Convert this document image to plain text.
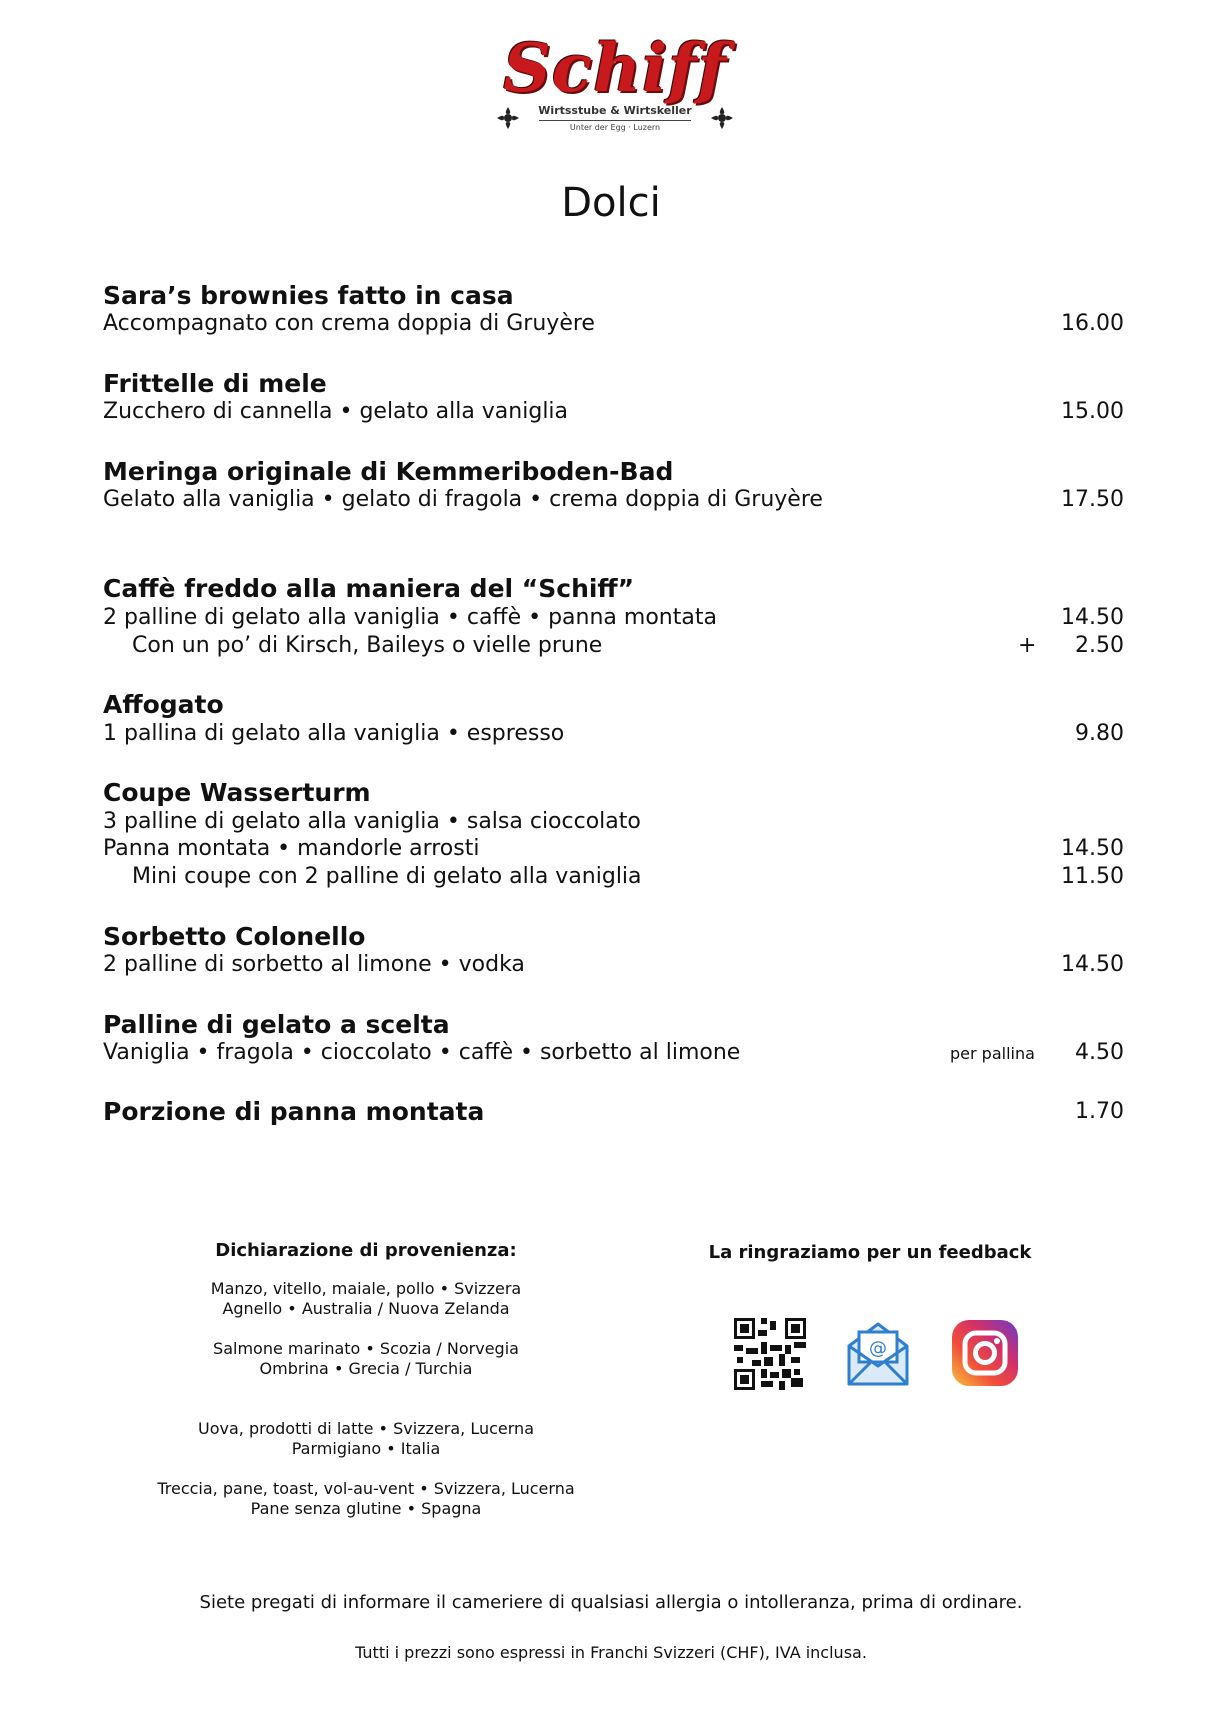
Schiff
Wirtsstube & Wirtskeller
Unter der Egg · Luzern
Dolci
Sara’s brownies fatto in casa
Accompagnato con crema doppia di Gruyère	16.00
Frittelle di mele
Zucchero di cannella • gelato alla vaniglia	15.00
Meringa originale di Kemmeriboden-Bad
Gelato alla vaniglia • gelato di fragola • crema doppia di Gruyère	17.50
Caffè freddo alla maniera del “Schiff”
2 palline di gelato alla vaniglia • caffè • panna montata	14.50
Con un po’ di Kirsch, Baileys o vielle prune	+ 2.50
Affogato
1 pallina di gelato alla vaniglia • espresso	9.80
Coupe Wasserturm
3 palline di gelato alla vaniglia • salsa cioccolato
Panna montata • mandorle arrosti	14.50
Mini coupe con 2 palline di gelato alla vaniglia	11.50
Sorbetto Colonello
2 palline di sorbetto al limone • vodka	14.50
Palline di gelato a scelta
Vaniglia • fragola • cioccolato • caffè • sorbetto al limone	per pallina 4.50
Porzione di panna montata	1.70
Dichiarazione di provenienza:
Manzo, vitello, maiale, pollo • Svizzera
Agnello • Australia / Nuova Zelanda
Salmone marinato • Scozia / Norvegia
Ombrina • Grecia / Turchia
Uova, prodotti di latte • Svizzera, Lucerna
Parmigiano • Italia
Treccia, pane, toast, vol-au-vent • Svizzera, Lucerna
Pane senza glutine • Spagna
La ringraziamo per un feedback
@
Siete pregati di informare il cameriere di qualsiasi allergia o intolleranza, prima di ordinare.
Tutti i prezzi sono espressi in Franchi Svizzeri (CHF), IVA inclusa.
